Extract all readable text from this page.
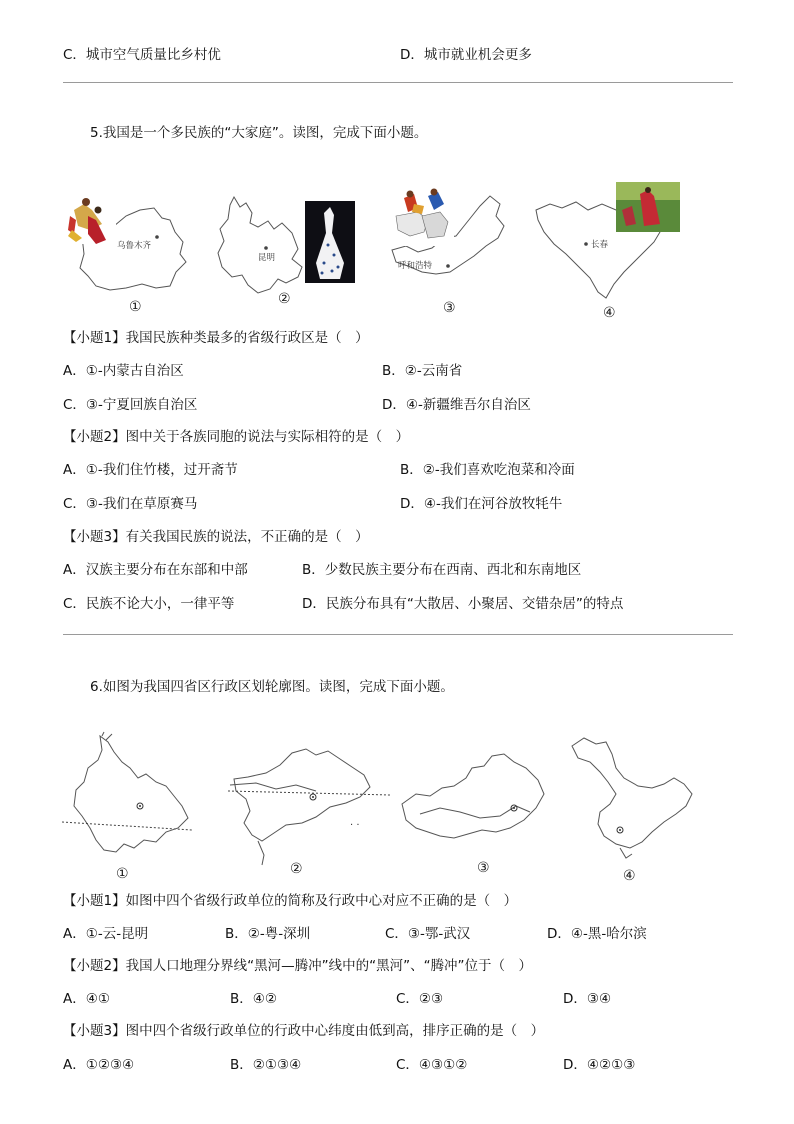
C．城市空气质量比乡村优	D．城市就业机会更多
5.我国是一个多民族的“大家庭”。读图，完成下面小题。
乌鲁木齐
①
昆明
②
呼和浩特
③
长春
④
【小题1】我国民族种类最多的省级行政区是（　）
A．①-内蒙古自治区	B．②-云南省
C．③-宁夏回族自治区	D．④-新疆维吾尔自治区
【小题2】图中关于各族同胞的说法与实际相符的是（　）
A．①-我们住竹楼，过开斋节	B．②-我们喜欢吃泡菜和冷面
C．③-我们在草原赛马	D．④-我们在河谷放牧牦牛
【小题3】有关我国民族的说法，不正确的是（　）
A．汉族主要分布在东部和中部	B．少数民族主要分布在西南、西北和东南地区
C．民族不论大小，一律平等	D．民族分布具有“大散居、小聚居、交错杂居”的特点
6.如图为我国四省区行政区划轮廓图。读图，完成下面小题。
①
. .
②	③	④
【小题1】如图中四个省级行政单位的简称及行政中心对应不正确的是（　）
A．①-云-昆明	B．②-粤-深圳	C．③-鄂-武汉	D．④-黑-哈尔滨
【小题2】我国人口地理分界线“黑河—腾冲”线中的“黑河”、“腾冲”位于（　）
A．④①	B．④②	C．②③	D．③④
【小题3】图中四个省级行政单位的行政中心纬度由低到高，排序正确的是（　）
A．①②③④	B．②①③④	C．④③①②	D．④②①③
